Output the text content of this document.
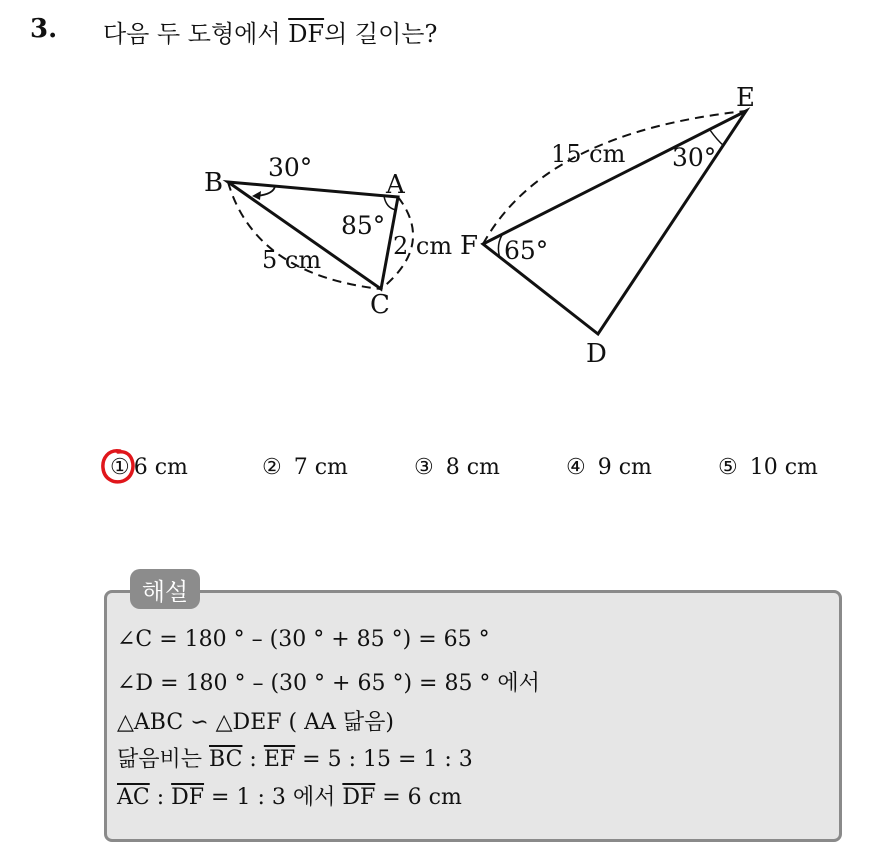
3. 다음 두 도형에서 $\overline{DF}$의 길이는?
B	A
C
30°
85°
5 cm	2 cm
E
F
D
30°
65°
15 cm
① 6 cm	② 7 cm	③ 8 cm	④ 9 cm	⑤ 10 cm
해설
∠C = 180 ° – (30 ° + 85 °) = 65 °
∠D = 180 ° – (30 ° + 65 °) = 85 ° 에서
△ABC ∽ △DEF ( AA 닮음)
닮음비는 $\overline{BC}$ : $\overline{EF} = 5$ : 15 = 1 : 3
$\overline{AC}$ : $\overline{DF} = 1$ : 3 에서 $\overline{DF} = 6$ cm
